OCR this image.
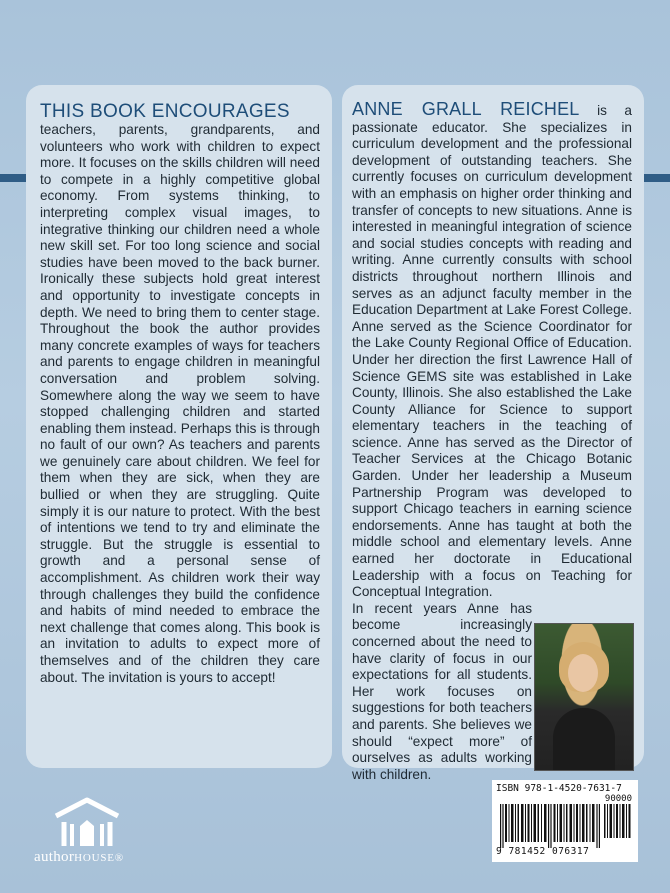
THIS BOOK ENCOURAGES
teachers, parents, grandparents, and volunteers who work with children to expect more. It focuses on the skills children will need to compete in a highly competitive global economy. From systems thinking, to interpreting complex visual images, to integrative thinking our children need a whole new skill set. For too long science and social studies have been moved to the back burner. Ironically these subjects hold great interest and opportunity to investigate concepts in depth. We need to bring them to center stage. Throughout the book the author provides many concrete examples of ways for teachers and parents to engage children in meaningful conversation and problem solving. Somewhere along the way we seem to have stopped challenging children and started enabling them instead. Perhaps this is through no fault of our own? As teachers and parents we genuinely care about children. We feel for them when they are sick, when they are bullied or when they are struggling. Quite simply it is our nature to protect. With the best of intentions we tend to try and eliminate the struggle. But the struggle is essential to growth and a personal sense of accomplishment. As children work their way through challenges they build the confidence and habits of mind needed to embrace the next challenge that comes along. This book is an invitation to adults to expect more of themselves and of the children they care about. The invitation is yours to accept!
ANNE GRALL REICHEL is a passionate educator. She specializes in curriculum development and the professional development of outstanding teachers. She currently focuses on curriculum development with an emphasis on higher order thinking and transfer of concepts to new situations. Anne is interested in meaningful integration of science and social studies concepts with reading and writing. Anne currently consults with school districts throughout northern Illinois and serves as an adjunct faculty member in the Education Department at Lake Forest College. Anne served as the Science Coordinator for the Lake County Regional Office of Education. Under her direction the first Lawrence Hall of Science GEMS site was established in Lake County, Illinois. She also established the Lake County Alliance for Science to support elementary teachers in the teaching of science. Anne has served as the Director of Teacher Services at the Chicago Botanic Garden. Under her leadership a Museum Partnership Program was developed to support Chicago teachers in earning science endorsements. Anne has taught at both the middle school and elementary levels. Anne earned her doctorate in Educational Leadership with a focus on Teaching for Conceptual Integration.
In recent years Anne has become increasingly concerned about the need to have clarity of focus in our expectations for all students. Her work focuses on suggestions for both teachers and parents. She believes we should “expect more” of ourselves as adults working with children.
authorHOUSE®
ISBN 978-1-4520-7631-7
90000
9 781452 076317
